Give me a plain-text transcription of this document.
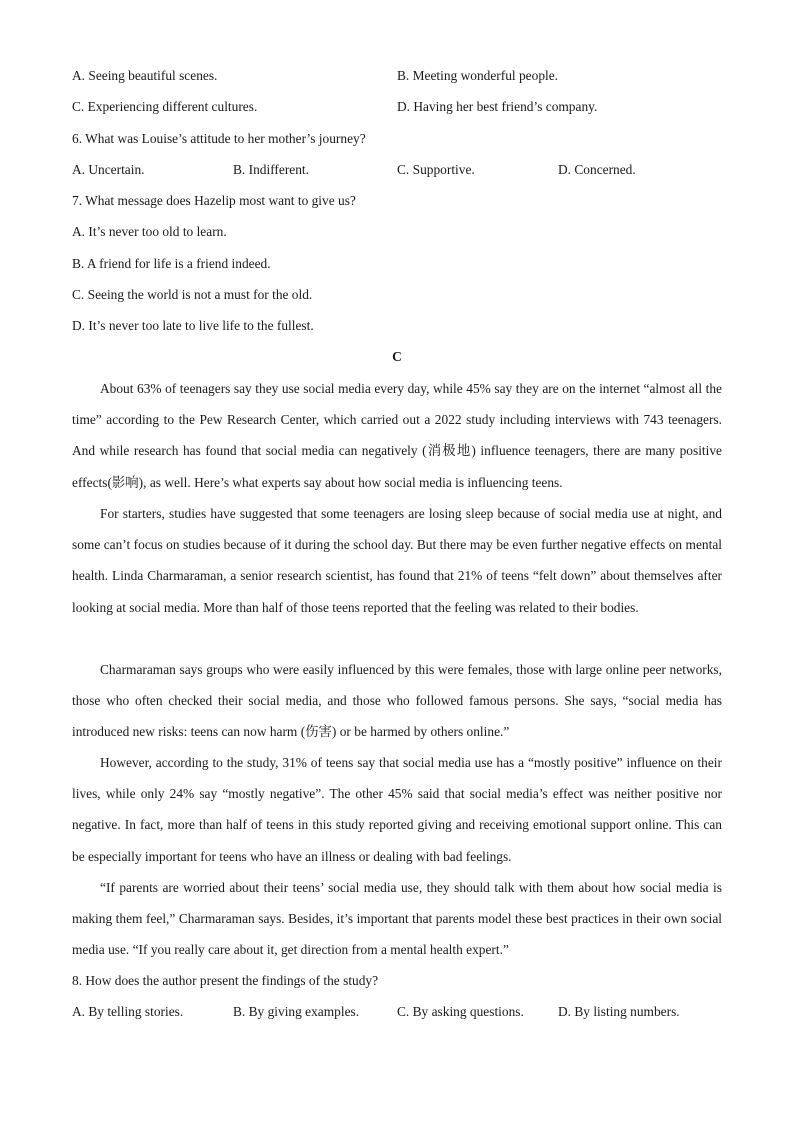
A. Seeing beautiful scenes.	B. Meeting wonderful people.
C. Experiencing different cultures.	D. Having her best friend’s company.
6. What was Louise’s attitude to her mother’s journey?
A. Uncertain.	B. Indifferent.	C. Supportive.	D. Concerned.
7. What message does Hazelip most want to give us?
A. It’s never too old to learn.
B. A friend for life is a friend indeed.
C. Seeing the world is not a must for the old.
D. It’s never too late to live life to the fullest.
C

About 63% of teenagers say they use social media every day, while 45% say they are on the internet “almost all the time” according to the Pew Research Center, which carried out a 2022 study including interviews with 743 teenagers. And while research has found that social media can negatively (消极地) influence teenagers, there are many positive effects(影响), as well. Here’s what experts say about how social media is influencing teens.

For starters, studies have suggested that some teenagers are losing sleep because of social media use at night, and some can’t focus on studies because of it during the school day. But there may be even further negative effects on mental health. Linda Charmaraman, a senior research scientist, has found that 21% of teens “felt down” about themselves after looking at social media. More than half of those teens reported that the feeling was related to their bodies.

Charmaraman says groups who were easily influenced by this were females, those with large online peer networks, those who often checked their social media, and those who followed famous persons. She says, “social media has introduced new risks: teens can now harm (伤害) or be harmed by others online.”

However, according to the study, 31% of teens say that social media use has a “mostly positive” influence on their lives, while only 24% say “mostly negative”. The other 45% said that social media’s effect was neither positive nor negative. In fact, more than half of teens in this study reported giving and receiving emotional support online. This can be especially important for teens who have an illness or dealing with bad feelings.

“If parents are worried about their teens’ social media use, they should talk with them about how social media is making them feel,” Charmaraman says. Besides, it’s important that parents model these best practices in their own social media use. “If you really care about it, get direction from a mental health expert.”

8. How does the author present the findings of the study?
A. By telling stories.	B. By giving examples.	C. By asking questions.	D. By listing numbers.
